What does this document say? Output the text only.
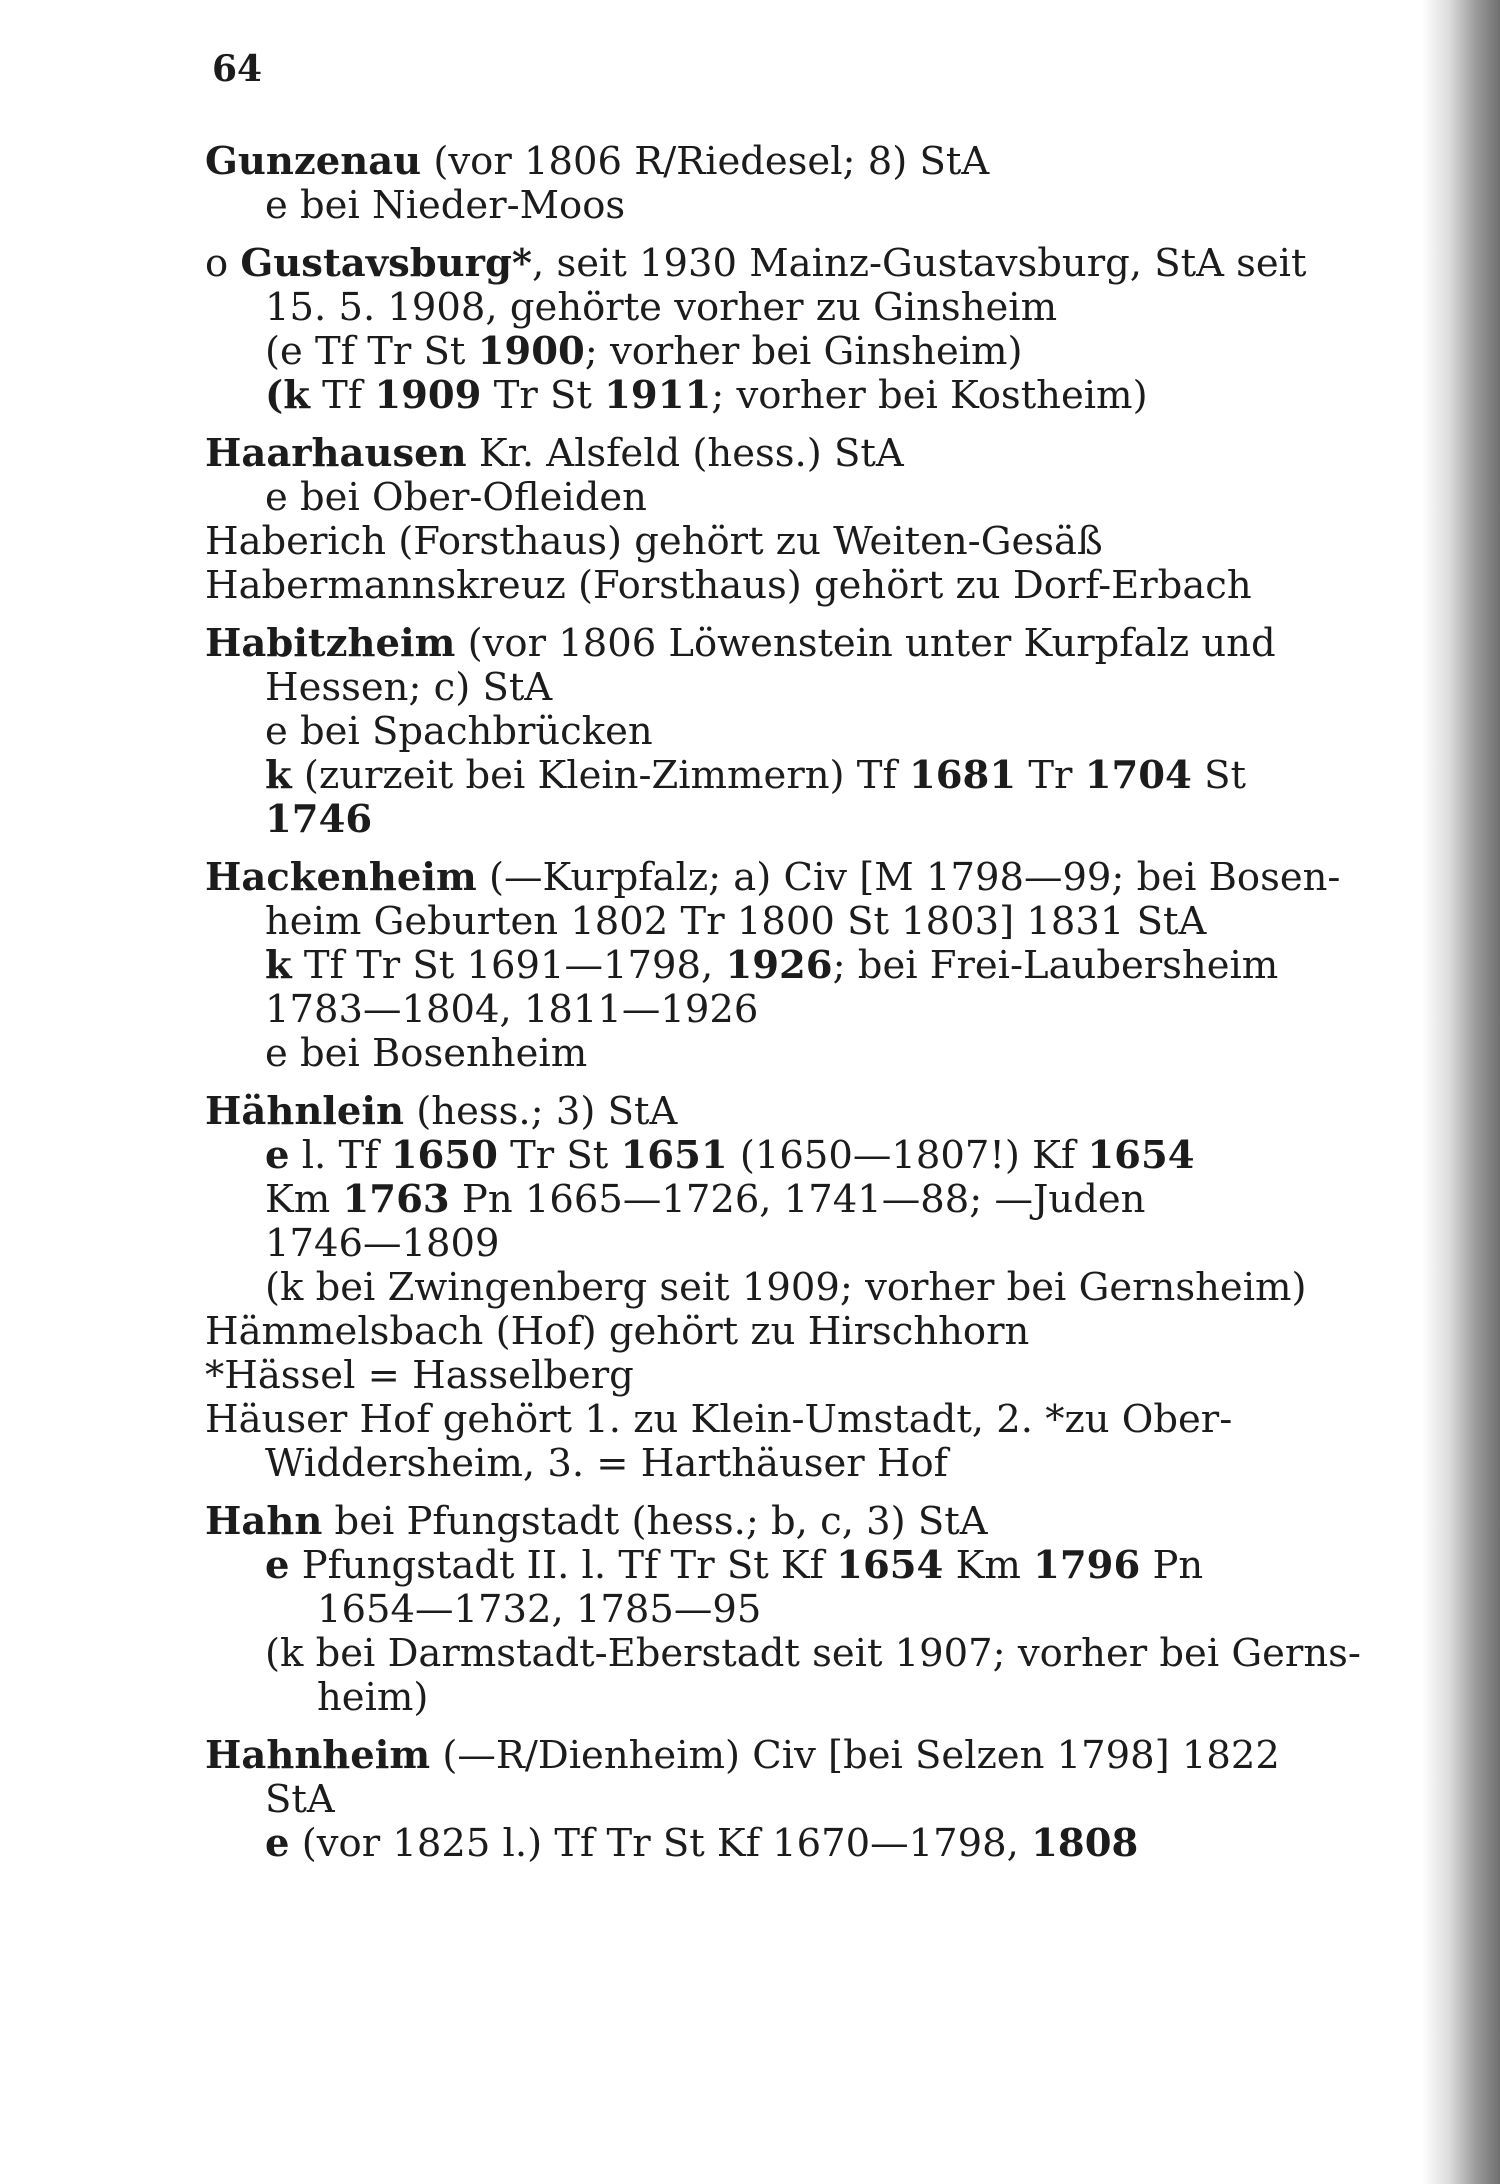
64
Gunzenau (vor 1806 R/Riedesel; 8) StA
e bei Nieder-Moos
o Gustavsburg*, seit 1930 Mainz-Gustavsburg, StA seit
15. 5. 1908, gehörte vorher zu Ginsheim
(e Tf Tr St 1900; vorher bei Ginsheim)
(k Tf 1909 Tr St 1911; vorher bei Kostheim)
Haarhausen Kr. Alsfeld (hess.) StA
e bei Ober-Ofleiden
Haberich (Forsthaus) gehört zu Weiten-Gesäß
Habermannskreuz (Forsthaus) gehört zu Dorf-Erbach
Habitzheim (vor 1806 Löwenstein unter Kurpfalz und
Hessen; c) StA
e bei Spachbrücken
k (zurzeit bei Klein-Zimmern) Tf 1681 Tr 1704 St
1746
Hackenheim (—Kurpfalz; a) Civ [M 1798—99; bei Bosen-
heim Geburten 1802 Tr 1800 St 1803] 1831 StA
k Tf Tr St 1691—1798, 1926; bei Frei-Laubersheim
1783—1804, 1811—1926
e bei Bosenheim
Hähnlein (hess.; 3) StA
e l. Tf 1650 Tr St 1651 (1650—1807!) Kf 1654
Km 1763 Pn 1665—1726, 1741—88; —Juden
1746—1809
(k bei Zwingenberg seit 1909; vorher bei Gernsheim)
Hämmelsbach (Hof) gehört zu Hirschhorn
*Hässel = Hasselberg
Häuser Hof gehört 1. zu Klein-Umstadt, 2. *zu Ober-
Widdersheim, 3. = Harthäuser Hof
Hahn bei Pfungstadt (hess.; b, c, 3) StA
e Pfungstadt II. l. Tf Tr St Kf 1654 Km 1796 Pn
1654—1732, 1785—95
(k bei Darmstadt-Eberstadt seit 1907; vorher bei Gerns-
heim)
Hahnheim (—R/Dienheim) Civ [bei Selzen 1798] 1822
StA
e (vor 1825 l.) Tf Tr St Kf 1670—1798, 1808
